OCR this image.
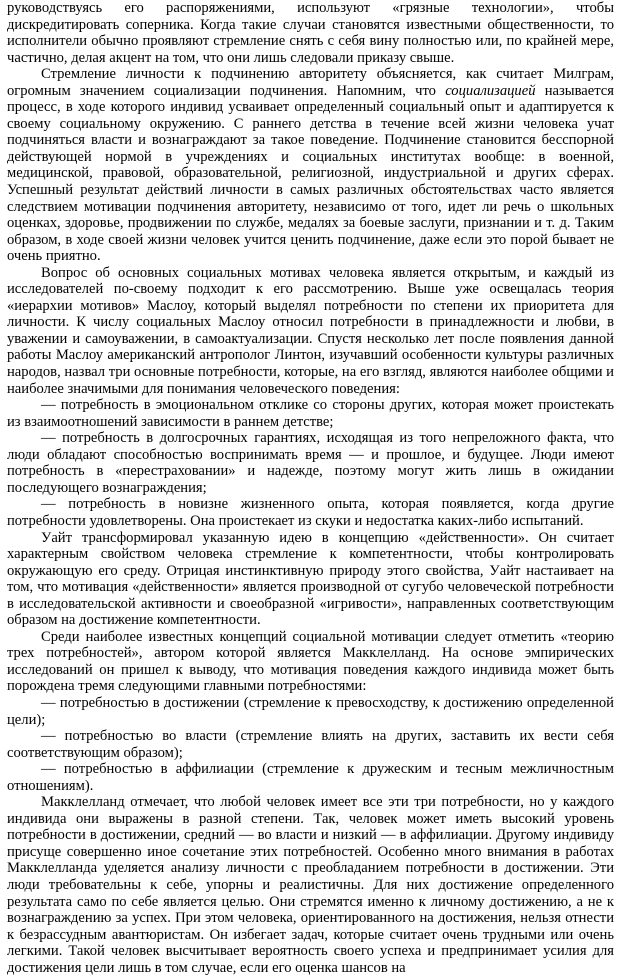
руководствуясь его распоряжениями, используют «грязные технологии», чтобы дискредитировать соперника. Когда такие случаи становятся известными общественности, то исполнители обычно проявляют стремление снять с себя вину полностью или, по крайней мере, частично, делая акцент на том, что они лишь следовали приказу свыше.

Стремление личности к подчинению авторитету объясняется, как считает Милграм, огромным значением социализации подчинения. Напомним, что социализацией называется процесс, в ходе которого индивид усваивает определенный социальный опыт и адаптируется к своему социальному окружению. С раннего детства в течение всей жизни человека учат подчиняться власти и вознаграждают за такое поведение. Подчинение становится бесспорной действующей нормой в учреждениях и социальных институтах вообще: в военной, медицинской, правовой, образовательной, религиозной, индустриальной и других сферах. Успешный результат действий личности в самых различных обстоятельствах часто является следствием мотивации подчинения авторитету, независимо от того, идет ли речь о школьных оценках, здоровье, продвижении по службе, медалях за боевые заслуги, признании и т. д. Таким образом, в ходе своей жизни человек учится ценить подчинение, даже если это порой бывает не очень приятно.

Вопрос об основных социальных мотивах человека является открытым, и каждый из исследователей по-своему подходит к его рассмотрению. Выше уже освещалась теория «иерархии мотивов» Маслоу, который выделял потребности по степени их приоритета для личности. К числу социальных Маслоу относил потребности в принадлежности и любви, в уважении и самоуважении, в самоактуализации. Спустя несколько лет после появления данной работы Маслоу американский антрополог Линтон, изучавший особенности культуры различных народов, назвал три основные потребности, которые, на его взгляд, являются наиболее общими и наиболее значимыми для понимания человеческого поведения:

— потребность в эмоциональном отклике со стороны других, которая может проистекать из взаимоотношений зависимости в раннем детстве;

— потребность в долгосрочных гарантиях, исходящая из того непреложного факта, что люди обладают способностью воспринимать время — и прошлое, и будущее. Люди имеют потребность в «перестраховании» и надежде, поэтому могут жить лишь в ожидании последующего вознаграждения;

— потребность в новизне жизненного опыта, которая появляется, когда другие потребности удовлетворены. Она проистекает из скуки и недостатка каких-либо испытаний.

Уайт трансформировал указанную идею в концепцию «действенности». Он считает характерным свойством человека стремление к компетентности, чтобы контролировать окружающую его среду. Отрицая инстинктивную природу этого свойства, Уайт настаивает на том, что мотивация «действенности» является производной от сугубо человеческой потребности в исследовательской активности и своеобразной «игривости», направленных соответствующим образом на достижение компетентности.

Среди наиболее известных концепций социальной мотивации следует отметить «теорию трех потребностей», автором которой является Макклелланд. На основе эмпирических исследований он пришел к выводу, что мотивация поведения каждого индивида может быть порождена тремя следующими главными потребностями:

— потребностью в достижении (стремление к превосходству, к достижению определенной цели);

— потребностью во власти (стремление влиять на других, заставить их вести себя соответствующим образом);

— потребностью в аффилиации (стремление к дружеским и тесным межличностным отношениям).

Макклелланд отмечает, что любой человек имеет все эти три потребности, но у каждого индивида они выражены в разной степени. Так, человек может иметь высокий уровень потребности в достижении, средний — во власти и низкий — в аффилиации. Другому индивиду присуще совершенно иное сочетание этих потребностей. Особенно много внимания в работах Макклелланда уделяется анализу личности с преобладанием потребности в достижении. Эти люди требовательны к себе, упорны и реалистичны. Для них достижение определенного результата само по себе является целью. Они стремятся именно к личному достижению, а не к вознаграждению за успех. При этом человека, ориентированного на достижения, нельзя отнести к безрассудным авантюристам. Он избегает задач, которые считает очень трудными или очень легкими. Такой человек высчитывает вероятность своего успеха и предпринимает усилия для достижения цели лишь в том случае, если его оценка шансов на
